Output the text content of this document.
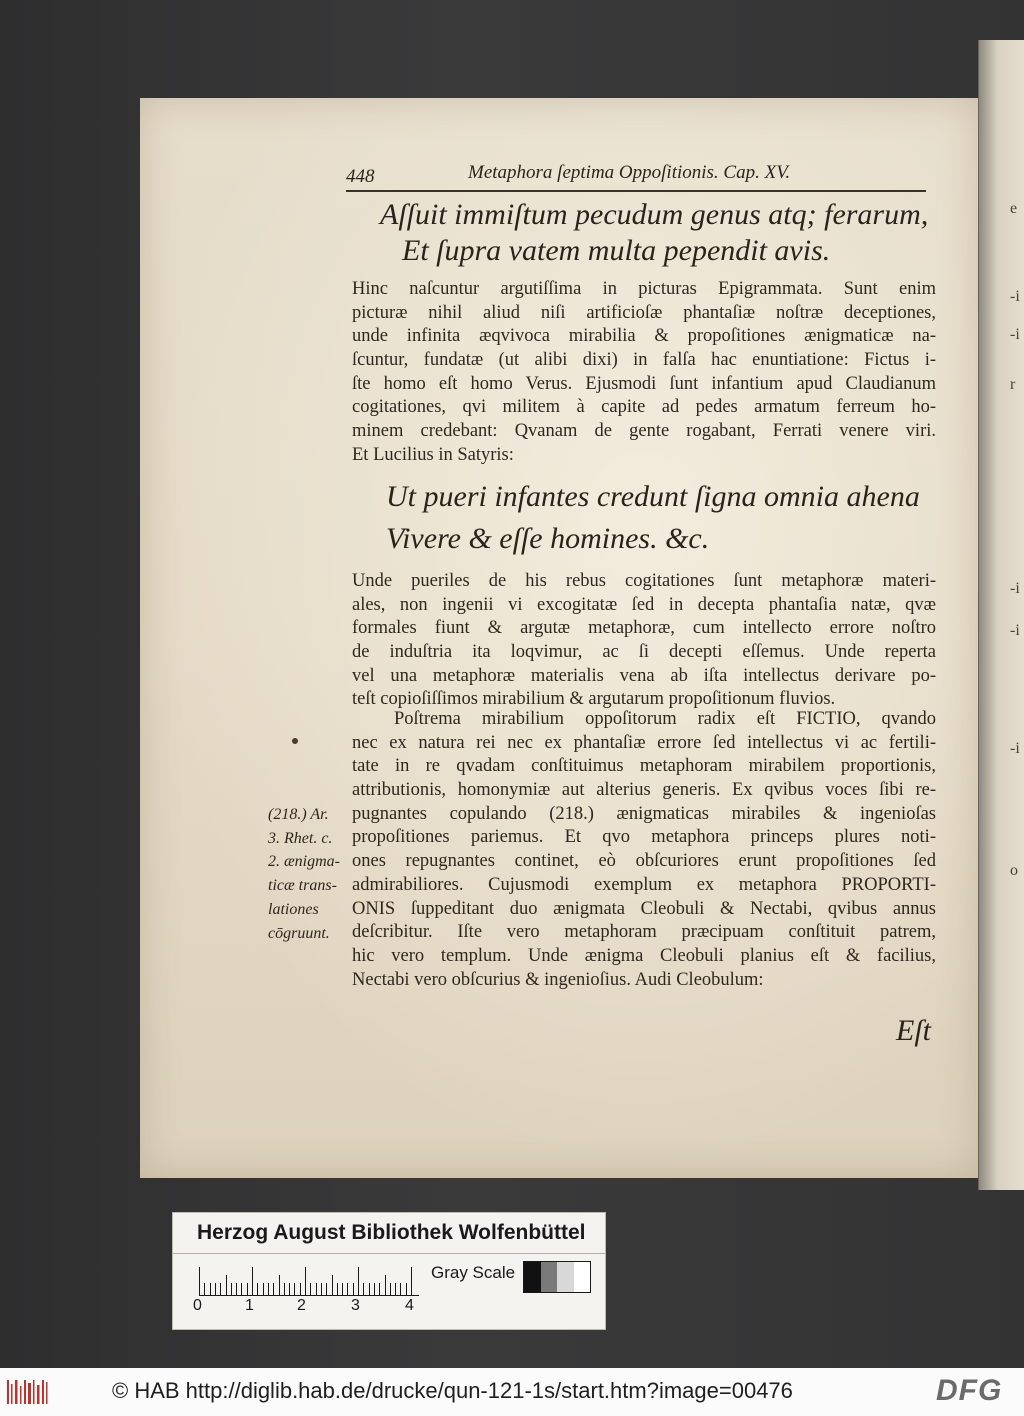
e
-i
-i
r
-i
-i
-i
o
448	Metaphora ſeptima Oppoſitionis. Cap. XV.
Aſſuit immiſtum pecudum genus atq; ferarum,
Et ſupra vatem multa pependit avis.
Hinc naſcuntur argutiſſima in picturas Epigrammata. Sunt enim
picturæ nihil aliud niſi artificioſæ phantaſiæ noſtræ deceptiones,
unde infinita æqvivoca mirabilia & propoſitiones ænigmaticæ na-
ſcuntur, fundatæ (ut alibi dixi) in falſa hac enuntiatione: Fictus i-
ſte homo eſt homo Verus. Ejusmodi ſunt infantium apud Claudianum
cogitationes, qvi militem à capite ad pedes armatum ferreum ho-
minem credebant: Qvanam de gente rogabant, Ferrati venere viri.
Et Lucilius in Satyris:
Ut pueri infantes credunt ſigna omnia ahena
Vivere & eſſe homines. &c.
Unde pueriles de his rebus cogitationes ſunt metaphoræ materi-
ales, non ingenii vi excogitatæ ſed in decepta phantaſia natæ, qvæ
formales fiunt & argutæ metaphoræ, cum intellecto errore noſtro
de induſtria ita loqvimur, ac ſi decepti eſſemus. Unde reperta
vel una metaphoræ materialis vena ab iſta intellectus derivare po-
teſt copioſiſſimos mirabilium & argutarum propoſitionum fluvios.
Poſtrema mirabilium oppoſitorum radix eſt FICTIO, qvando
nec ex natura rei nec ex phantaſiæ errore ſed intellectus vi ac fertili-
tate in re qvadam conſtituimus metaphoram mirabilem proportionis,
attributionis, homonymiæ aut alterius generis. Ex qvibus voces ſibi re-
pugnantes copulando (218.) ænigmaticas mirabiles & ingenioſas
propoſitiones pariemus. Et qvo metaphora princeps plures noti-
ones repugnantes continet, eò obſcuriores erunt propoſitiones ſed
admirabiliores. Cujusmodi exemplum ex metaphora PROPORTI-
ONIS ſuppeditant duo ænigmata Cleobuli & Nectabi, qvibus annus
deſcribitur. Iſte vero metaphoram præcipuam conſtituit patrem,
hic vero templum. Unde ænigma Cleobuli planius eſt & facilius,
Nectabi vero obſcurius & ingenioſius. Audi Cleobulum:
(218.) Ar.
3. Rhet. c.
2. ænigma-
ticæ trans-
lationes
cōgruunt.
Eſt
Herzog August Bibliothek Wolfenbüttel
0	1	2	3	4
Gray Scale
© HAB http://diglib.hab.de/drucke/qun-121-1s/start.htm?image=00476	DFG
